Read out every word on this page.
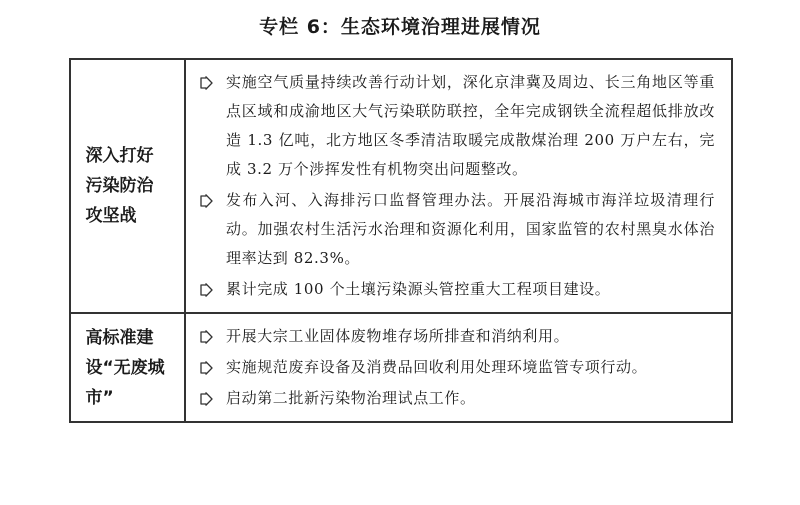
专栏 6：生态环境治理进展情况
深入打好污染防治攻坚战	实施空气质量持续改善行动计划，深化京津冀及周边、长三角地区等重点区域和成渝地区大气污染联防联控，全年完成钢铁全流程超低排放改造 1.3 亿吨，北方地区冬季清洁取暖完成散煤治理 200 万户左右，完成 3.2 万个涉挥发性有机物突出问题整改。
发布入河、入海排污口监督管理办法。开展沿海城市海洋垃圾清理行动。加强农村生活污水治理和资源化利用，国家监管的农村黑臭水体治理率达到 82.3%。
累计完成 100 个土壤污染源头管控重大工程项目建设。

高标准建设“无废城市”	开展大宗工业固体废物堆存场所排查和消纳利用。
实施规范废弃设备及消费品回收利用处理环境监管专项行动。
启动第二批新污染物治理试点工作。
